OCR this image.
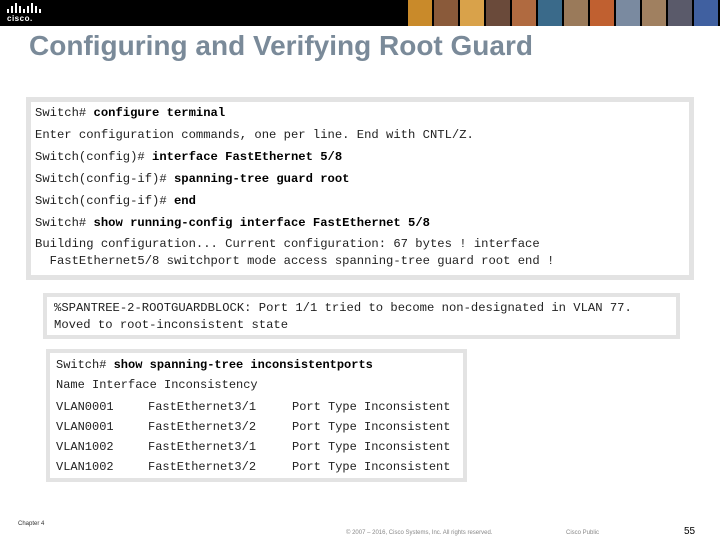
cisco.
Configuring and Verifying Root Guard
Switch# configure terminal
Enter configuration commands, one per line. End with CNTL/Z.
Switch(config)# interface FastEthernet 5/8
Switch(config-if)# spanning-tree guard root
Switch(config-if)# end
Switch# show running-config interface FastEthernet 5/8
Building configuration... Current configuration: 67 bytes ! interface
FastEthernet5/8 switchport mode access spanning-tree guard root end !
%SPANTREE-2-ROOTGUARDBLOCK: Port 1/1 tried to become non-designated in VLAN 77.
Moved to root-inconsistent state
Switch# show spanning-tree inconsistentports
Name Interface Inconsistency
VLAN0001	FastEthernet3/1	Port Type Inconsistent
VLAN0001	FastEthernet3/2	Port Type Inconsistent
VLAN1002	FastEthernet3/1	Port Type Inconsistent
VLAN1002	FastEthernet3/2	Port Type Inconsistent
Chapter 4
© 2007 – 2016, Cisco Systems, Inc. All rights reserved.	Cisco Public	55
